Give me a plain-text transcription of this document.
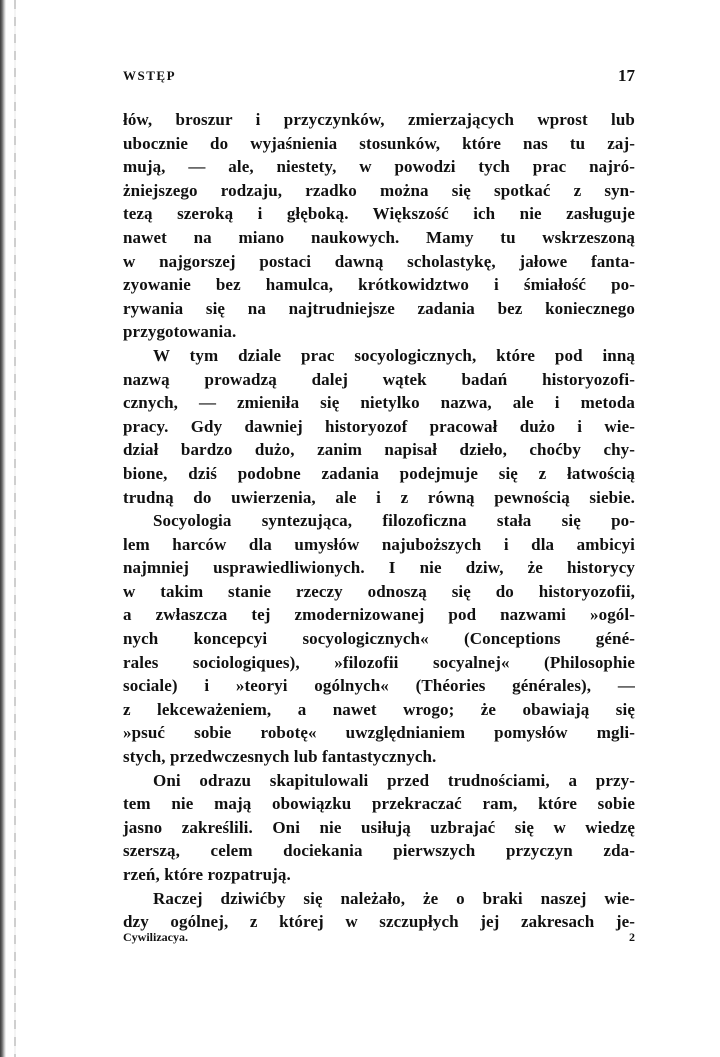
WSTĘP	17
łów, broszur i przyczynków, zmierzających wprost lub
ubocznie do wyjaśnienia stosunków, które nas tu zaj-
mują, — ale, niestety, w powodzi tych prac najró-
żniejszego rodzaju, rzadko można się spotkać z syn-
tezą szeroką i głęboką. Większość ich nie zasługuje
nawet na miano naukowych. Mamy tu wskrzeszoną
w najgorszej postaci dawną scholastykę, jałowe fanta-
zyowanie bez hamulca, krótkowidztwo i śmiałość po-
rywania się na najtrudniejsze zadania bez koniecznego
przygotowania.
W tym dziale prac socyologicznych, które pod inną
nazwą prowadzą dalej wątek badań historyozofi-
cznych, — zmieniła się nietylko nazwa, ale i metoda
pracy. Gdy dawniej historyozof pracował dużo i wie-
dział bardzo dużo, zanim napisał dzieło, choćby chy-
bione, dziś podobne zadania podejmuje się z łatwością
trudną do uwierzenia, ale i z równą pewnością siebie.
Socyologia syntezująca, filozoficzna stała się po-
lem harców dla umysłów najuboższych i dla ambicyi
najmniej usprawiedliwionych. I nie dziw, że historycy
w takim stanie rzeczy odnoszą się do historyozofii,
a zwłaszcza tej zmodernizowanej pod nazwami »ogól-
nych koncepcyi socyologicznych« (Conceptions géné-
rales sociologiques), »filozofii socyalnej« (Philosophie
sociale) i »teoryi ogólnych« (Théories générales), —
z lekceważeniem, a nawet wrogo; że obawiają się
»psuć sobie robotę« uwzględnianiem pomysłów mgli-
stych, przedwczesnych lub fantastycznych.
Oni odrazu skapitulowali przed trudnościami, a przy-
tem nie mają obowiązku przekraczać ram, które sobie
jasno zakreślili. Oni nie usiłują uzbrajać się w wiedzę
szerszą, celem dociekania pierwszych przyczyn zda-
rzeń, które rozpatrują.
Raczej dziwićby się należało, że o braki naszej wie-
dzy ogólnej, z której w szczupłych jej zakresach je-
Cywilizacya.	2
